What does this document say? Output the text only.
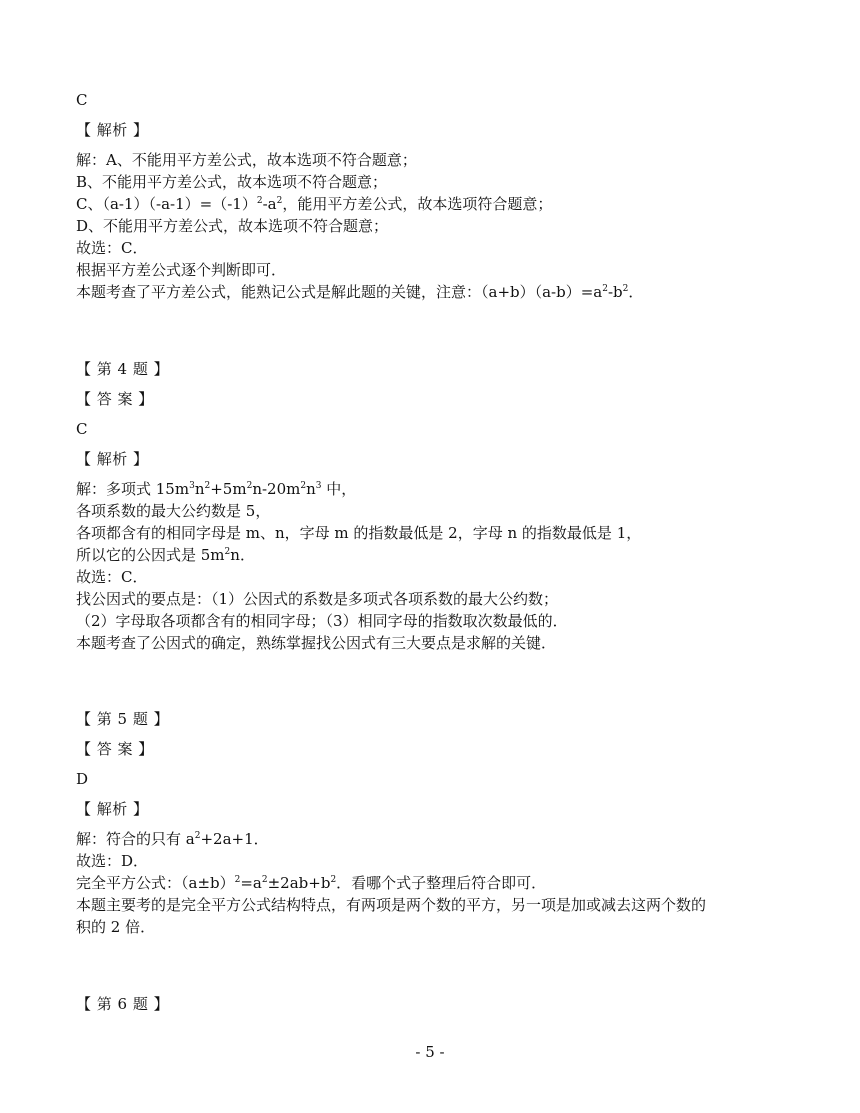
C
【 解析 】
解：A、不能用平方差公式，故本选项不符合题意；
B、不能用平方差公式，故本选项不符合题意；
C、$(a-1)(-a-1)=(-1)^2-a^2$，能用平方差公式，故本选项符合题意；
D、不能用平方差公式，故本选项不符合题意；
故选：C．
根据平方差公式逐个判断即可．
本题考查了平方差公式，能熟记公式是解此题的关键，注意：$(a+b)(a-b)=a^2-b^2$．
【 第 4 题 】
【 答 案 】
C
【 解析 】
解：多项式 $15m^3n^2+5m^2n-20m^2n^3$ 中，
各项系数的最大公约数是 5，
各项都含有的相同字母是 m、n，字母 m 的指数最低是 2，字母 n 的指数最低是 1，
所以它的公因式是 $5m^2n$．
故选：C．
找公因式的要点是：（1）公因式的系数是多项式各项系数的最大公约数；
（2）字母取各项都含有的相同字母；（3）相同字母的指数取次数最低的．
本题考查了公因式的确定，熟练掌握找公因式有三大要点是求解的关键．
【 第 5 题 】
【 答 案 】
D
【 解析 】
解：符合的只有 $a^2+2a+1$．
故选：D．
完全平方公式：$(a\pm b)^2=a^2\pm 2ab+b^2$．看哪个式子整理后符合即可．
本题主要考的是完全平方公式结构特点，有两项是两个数的平方，另一项是加或减去这两个数的
积的 2 倍．
【 第 6 题 】
- 5 -
